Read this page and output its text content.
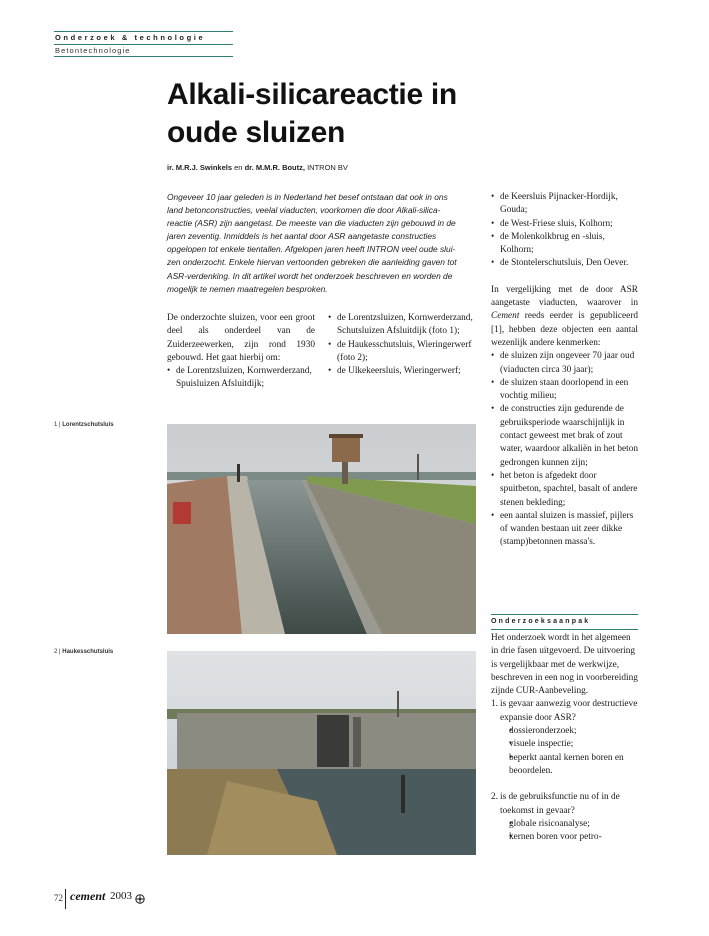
Onderzoek & technologie
Betontechnologie
Alkali-silicareactie in
oude sluizen
ir. M.R.J. Swinkels en dr. M.M.R. Boutz, INTRON BV

Ongeveer 10 jaar geleden is in Nederland het besef ontstaan dat ook in ons

land betonconstructies, veelal viaducten, voorkomen die door Alkali-silica-

reactie (ASR) zijn aangetast. De meeste van die viaducten zijn gebouwd in de

jaren zeventig. Inmiddels is het aantal door ASR aangetaste constructies

opgelopen tot enkele tientallen. Afgelopen jaren heeft INTRON veel oude slui-

zen onderzocht. Enkele hiervan vertoonden gebreken die aanleiding gaven tot

ASR-verdenking. In dit artikel wordt het onderzoek beschreven en worden de

mogelijk te nemen maatregelen besproken.

De onderzochte sluizen, voor een groot deel als onderdeel van de Zuiderzeewerken, zijn rond 1930 gebouwd. Het gaat hierbij om:

• de Lorentzsluizen, Kornwerderzand, Spuisluizen Afsluitdijk;
• de Lorentzsluizen, Kornwerderzand, Schutsluizen Afsluitdijk (foto 1);
• de Haukesschutsluis, Wieringerwerf (foto 2);
• de Ulkekeersluis, Wieringerwerf;
• de Keersluis Pijnacker-Hordijk, Gouda;
• de West-Friese sluis, Kolhorn;
• de Molenkolkbrug en -sluis, Kolhorn;
• de Stontelerschutsluis, Den Oever.

In vergelijking met de door ASR aangetaste viaducten, waarover in Cement reeds eerder is gepubliceerd [1], hebben deze objecten een aantal wezenlijk andere kenmerken:

• de sluizen zijn ongeveer 70 jaar oud (viaducten circa 30 jaar);
• de sluizen staan doorlopend in een vochtig milieu;
• de constructies zijn gedurende de gebruiksperiode waarschijnlijk in contact geweest met brak of zout water, waardoor alkaliën in het beton gedrongen kunnen zijn;
• het beton is afgedekt door spuitbeton, spachtel, basalt of andere stenen bekleding;
• een aantal sluizen is massief, pijlers of wanden bestaan uit zeer dikke (stamp)betonnen massa's.
Onderzoeksaanpak

Het onderzoek wordt in het algemeen in drie fasen uitgevoerd. De uitvoering is vergelijkbaar met de werkwijze, beschreven in een nog in voorbereiding zijnde CUR-Aanbeveling.

1. is gevaar aanwezig voor destructieve expansie door ASR?
• dossieronderzoek;
• visuele inspectie;
• beperkt aantal kernen boren en beoordelen.
2. is de gebruiksfunctie nu of in de toekomst in gevaar?
• globale risicoanalyse;
• kernen boren voor petro-
1 | Lorentzschutsluis
2 | Haukesschutsluis
72 cement 2003
